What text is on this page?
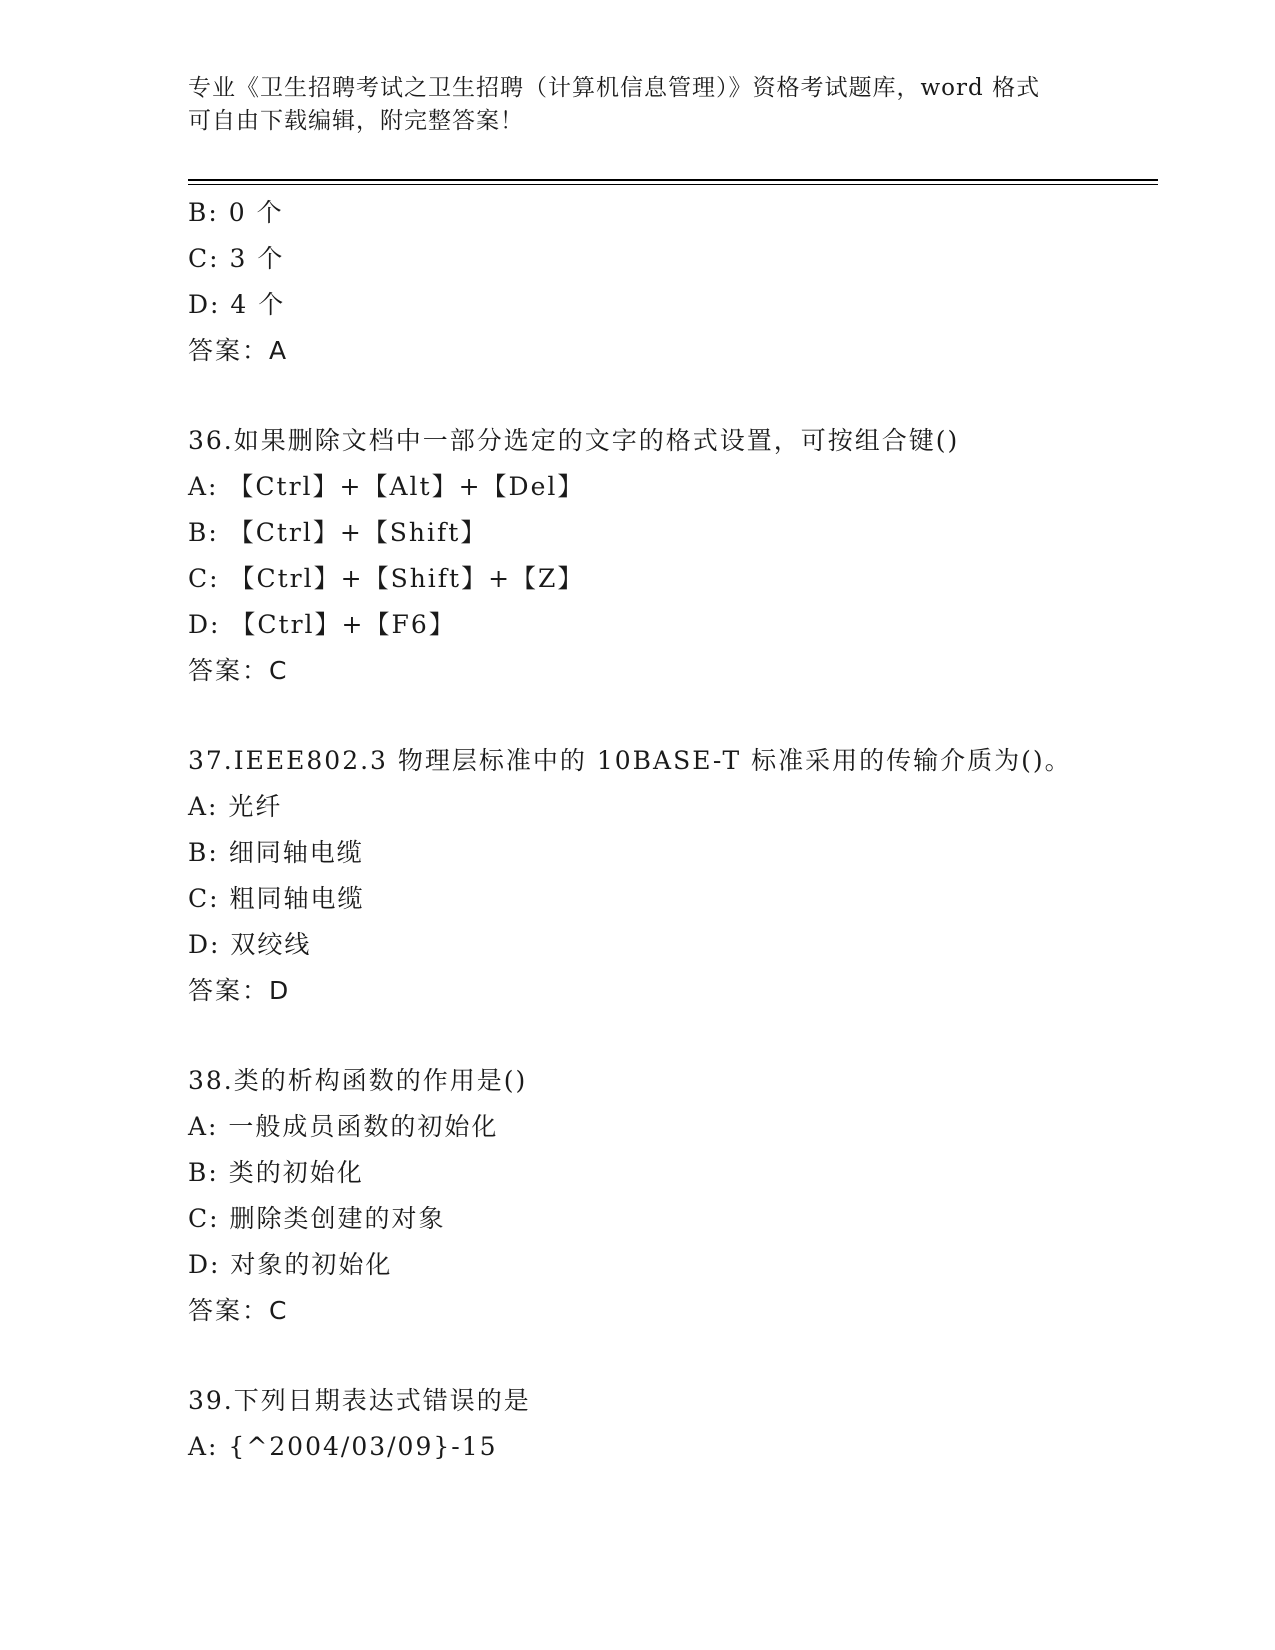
专业《卫生招聘考试之卫生招聘（计算机信息管理）》资格考试题库，word 格式
可自由下载编辑，附完整答案！
B: 0 个
C: 3 个
D: 4 个
答案：A
36.如果删除文档中一部分选定的文字的格式设置，可按组合键()
A: 【Ctrl】+【Alt】+【Del】
B: 【Ctrl】+【Shift】
C: 【Ctrl】+【Shift】+【Z】
D: 【Ctrl】+【F6】
答案：C
37.IEEE802.3 物理层标准中的 10BASE-T 标准采用的传输介质为()。
A: 光纤
B: 细同轴电缆
C: 粗同轴电缆
D: 双绞线
答案：D
38.类的析构函数的作用是()
A: 一般成员函数的初始化
B: 类的初始化
C: 删除类创建的对象
D: 对象的初始化
答案：C
39.下列日期表达式错误的是
A: {^2004/03/09}-15
